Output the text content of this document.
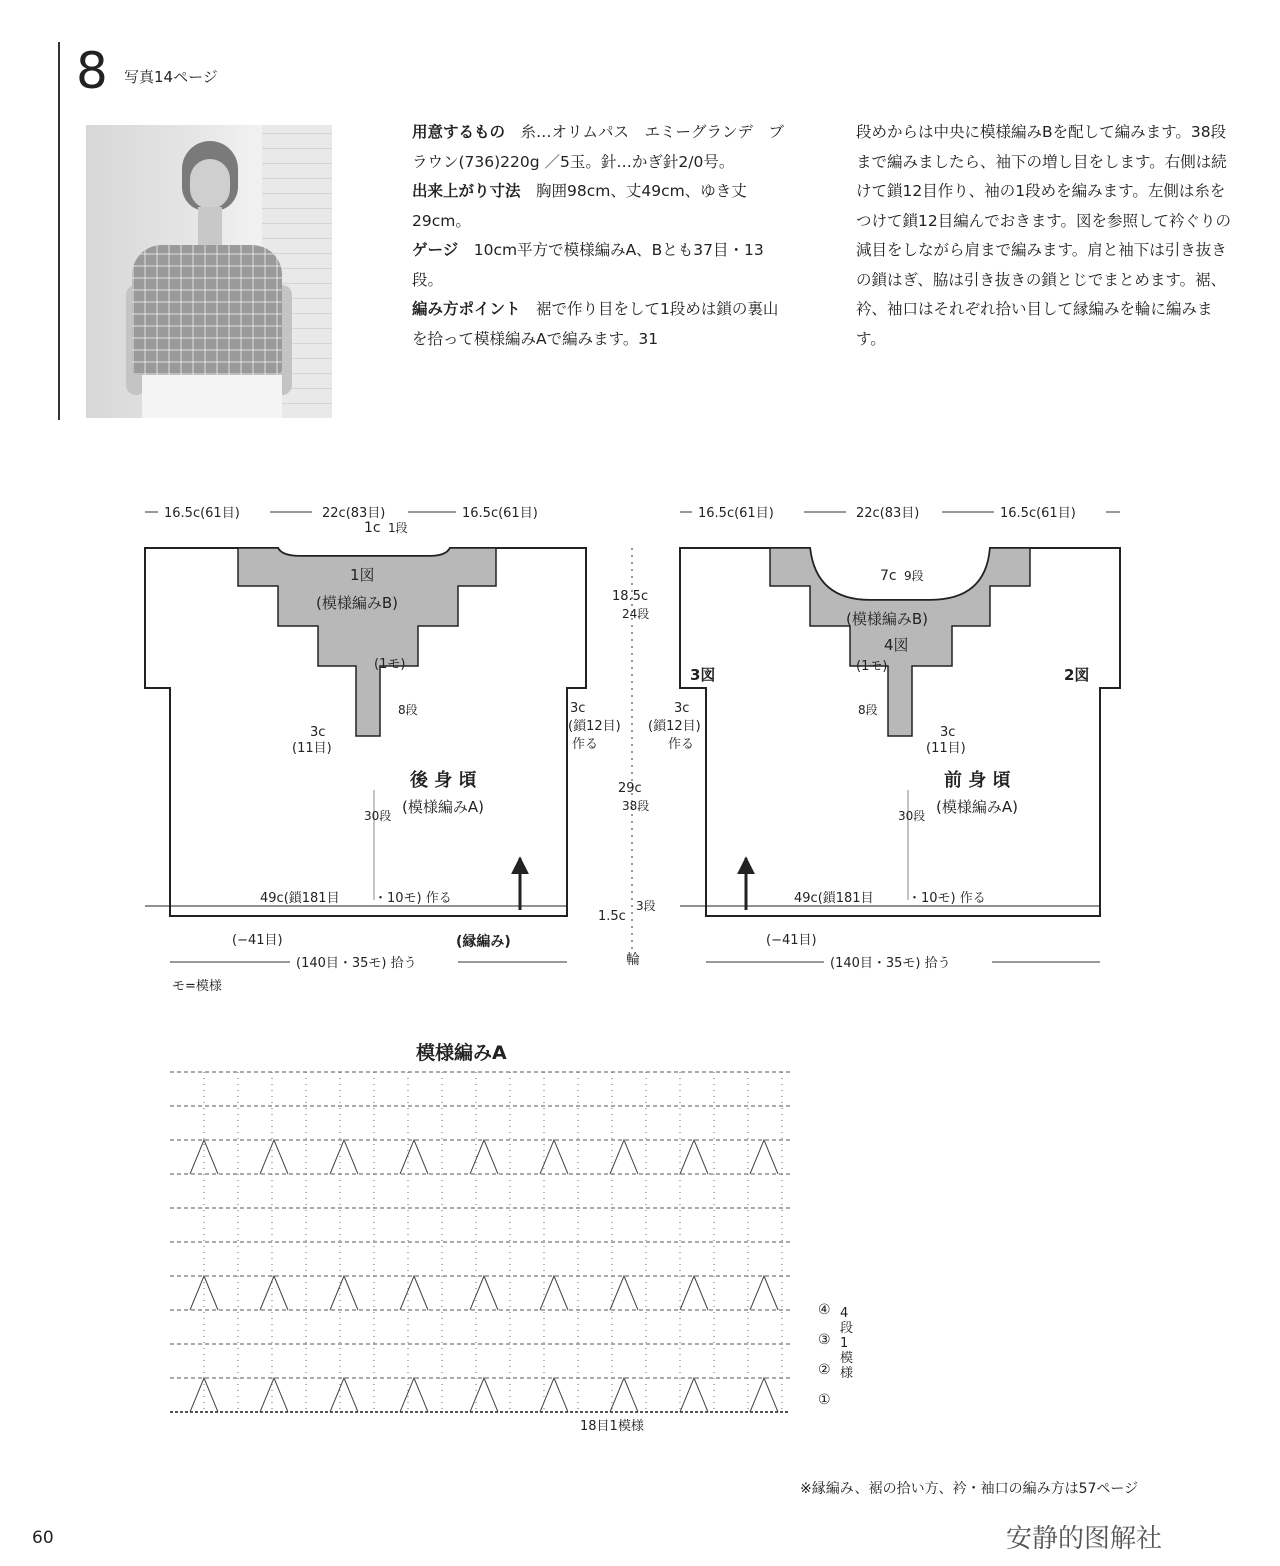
8 写真14ページ
用意するもの　 糸…オリムパス　エミーグランデ　ブラウン(736)220g ／5玉。針…かぎ針2/0号。
出来上がり寸法　 胸囲98cm、丈49cm、ゆき丈29cm。
ゲージ　 10cm平方で模様編みA、Bとも37目・13段。
編み方ポイント　 裾で作り目をして1段めは鎖の裏山を拾って模様編みAで編みます。31
段めからは中央に模様編みBを配して編みます。38段まで編みましたら、袖下の増し目をします。右側は続けて鎖12目作り、袖の1段めを編みます。左側は糸をつけて鎖12目編んでおきます。図を参照して衿ぐりの減目をしながら肩まで編みます。肩と袖下は引き抜きの鎖はぎ、脇は引き抜きの鎖とじでまとめます。裾、衿、袖口はそれぞれ拾い目して縁編みを輪に編みます。
16.5c(61目)	22c(83目)	16.5c(61目)	16.5c(61目)	22c(83目)	16.5c(61目)
1c 1段
1図
(模様編みB)
(1モ)
8段
3c
(11目)
3c
(鎖12目)
作る
後 身 頃
(模様編みA)
30段
49c(鎖181目	・10モ) 作る
(−41目)	(縁編み)
7c 9段
(模様編みB)
4図
(1モ)
8段
3c
(11目)
3図	2図
3c
(鎖12目)
作る
前 身 頃
(模様編みA)
30段
49c(鎖181目	・10モ) 作る
(−41目)
18.5c
24段
29c
38段
1.5c
3段
輪
(140目・35モ) 拾う	(140目・35モ) 拾う
モ=模様
模様編みA
④
③
②
①
18目1模様
4段1模様
※縁編み、裾の拾い方、衿・袖口の編み方は57ページ
安静的图解社
60
